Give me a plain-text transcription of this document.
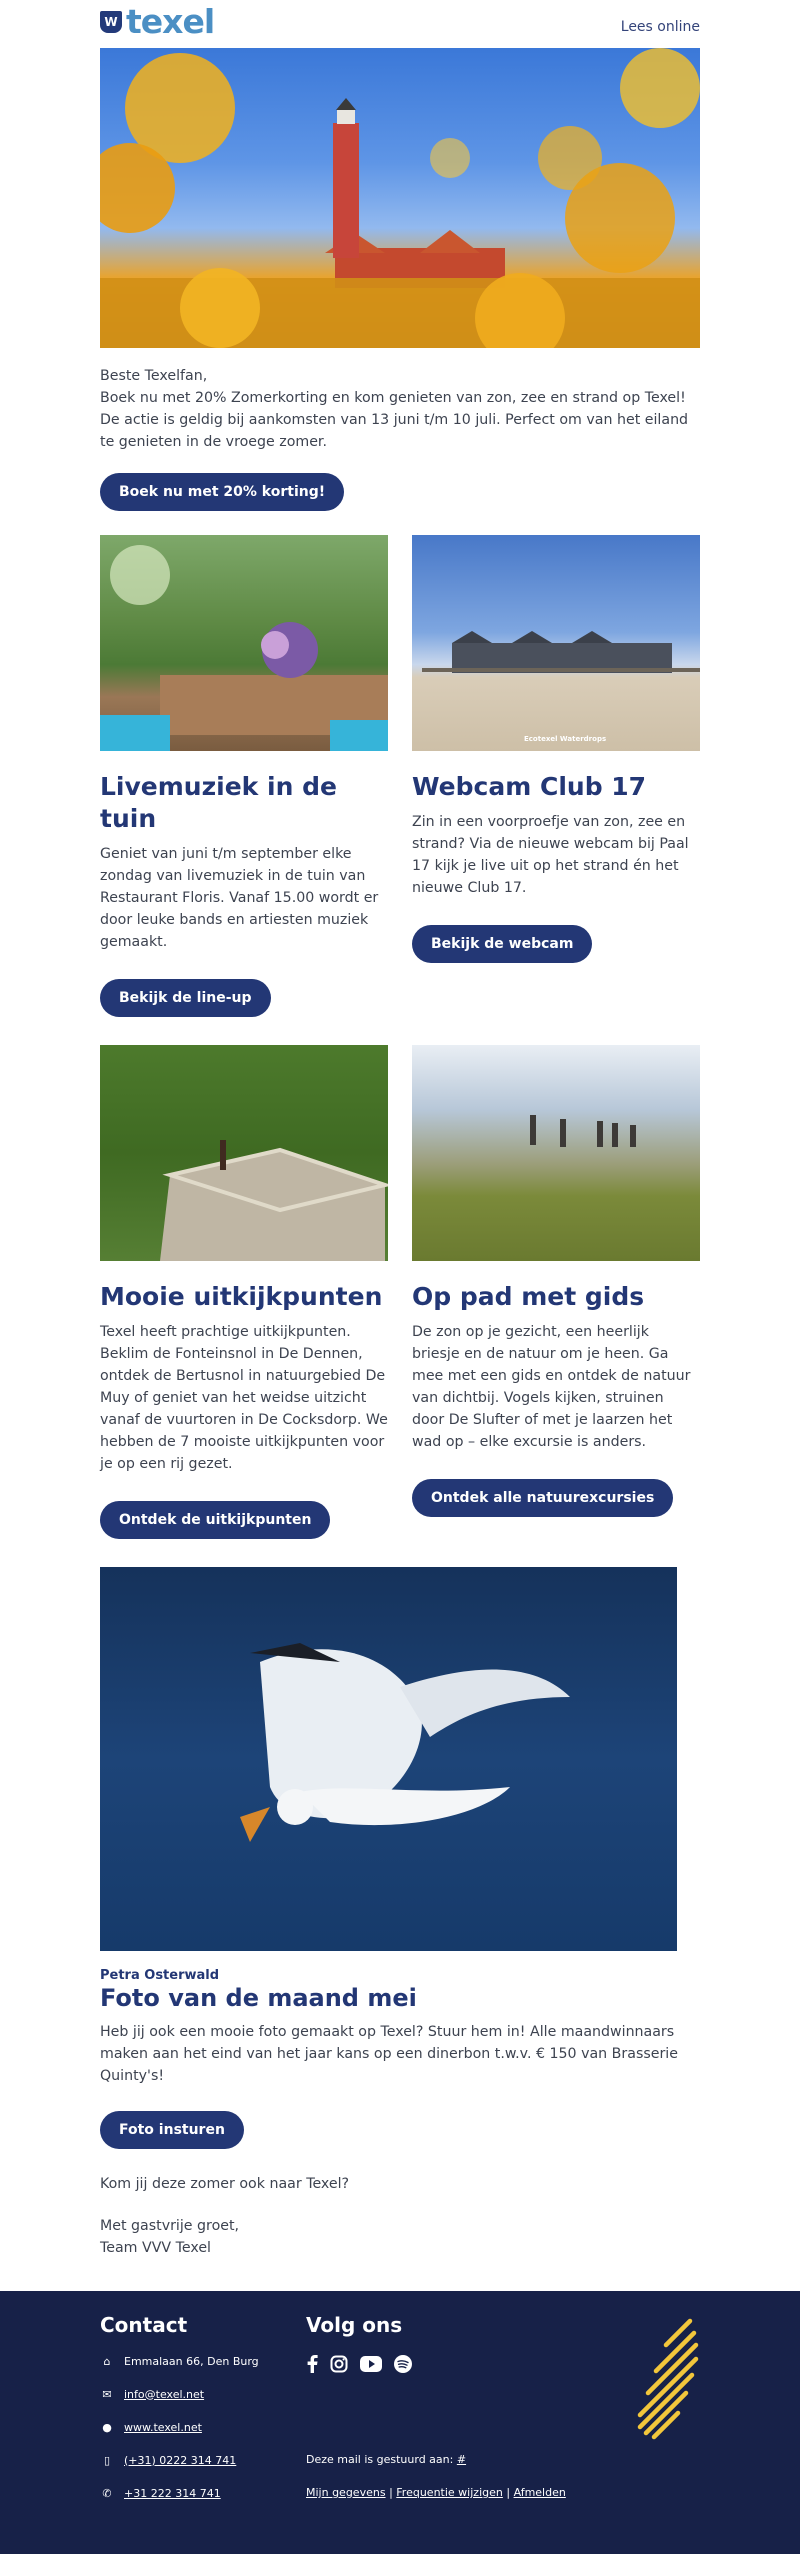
W texel	Lees online
Beste Texelfan,
Boek nu met 20% Zomerkorting en kom genieten van zon, zee en strand op Texel! De actie is geldig bij aankomsten van 13 juni t/m 10 juli. Perfect om van het eiland te genieten in de vroege zomer.
Boek nu met 20% korting!
Livemuziek in de tuin
Geniet van juni t/m september elke zondag van livemuziek in de tuin van Restaurant Floris. Vanaf 15.00 wordt er door leuke bands en artiesten muziek gemaakt.
Bekijk de line-up
Ecotexel Waterdrops
Webcam Club 17
Zin in een voorproefje van zon, zee en strand? Via de nieuwe webcam bij Paal 17 kijk je live uit op het strand én het nieuwe Club 17.
Bekijk de webcam
Mooie uitkijkpunten
Texel heeft prachtige uitkijkpunten. Beklim de Fonteinsnol in De Dennen, ontdek de Bertusnol in natuurgebied De Muy of geniet van het weidse uitzicht vanaf de vuurtoren in De Cocksdorp. We hebben de 7 mooiste uitkijkpunten voor je op een rij gezet.
Ontdek de uitkijkpunten
Op pad met gids
De zon op je gezicht, een heerlijk briesje en de natuur om je heen. Ga mee met een gids en ontdek de natuur van dichtbij. Vogels kijken, struinen door De Slufter of met je laarzen het wad op – elke excursie is anders.
Ontdek alle natuurexcursies
Petra Osterwald
Foto van de maand mei
Heb jij ook een mooie foto gemaakt op Texel? Stuur hem in! Alle maandwinnaars maken aan het eind van het jaar kans op een dinerbon t.w.v. € 150 van Brasserie Quinty's!
Foto insturen
Kom jij deze zomer ook naar Texel?
Met gastvrije groet,
Team VVV Texel
Contact	Volg ons
⌂	Emmalaan 66, Den Burg
✉ info@texel.net
● www.texel.net
▯	(+31) 0222 314 741
✆ +31 222 314 741
Deze mail is gestuurd aan: #
Mijn gegevens | Frequentie wijzigen | Afmelden
